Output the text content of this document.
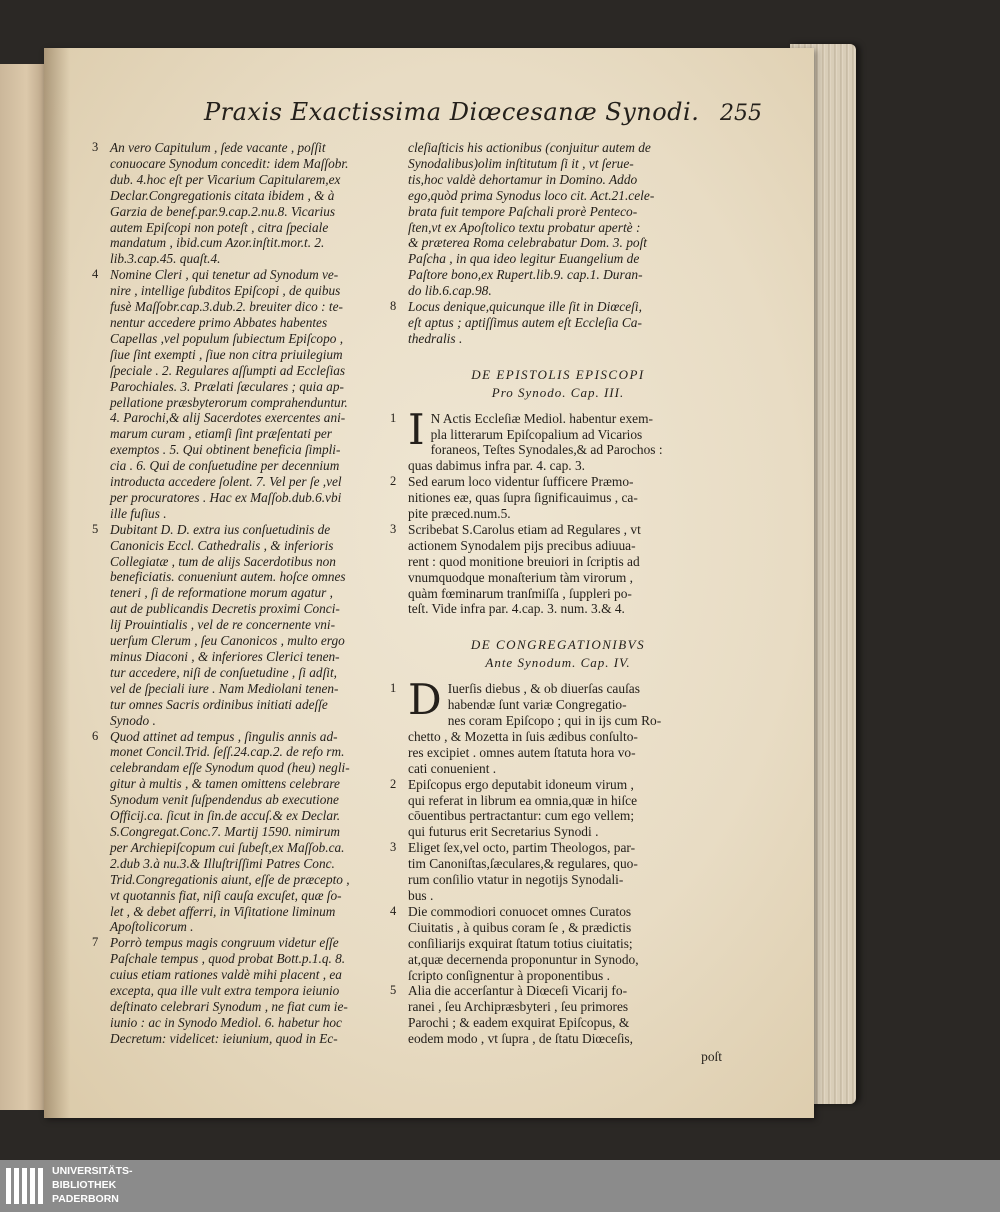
Praxis Exactissima Diœcesanæ Synodi. 255

3 An vero Capitulum , ſede vacante , poſſit
conuocare Synodum concedit: idem Maſſobr.
dub. 4.hoc eſt per Vicarium Capitularem,ex
Declar.Congregationis citata ibidem , & à
Garzia de benef.par.9.cap.2.nu.8. Vicarius
autem Epiſcopi non poteſt , citra ſpeciale
mandatum , ibid.cum Azor.inſtit.mor.t. 2.
lib.3.cap.45. quaſt.4.

4 Nomine Cleri , qui tenetur ad Synodum ve-
nire , intellige ſubditos Epiſcopi , de quibus
fusè Maſſobr.cap.3.dub.2. breuiter dico : te-
nentur accedere primo Abbates habentes
Capellas ,vel populum ſubiectum Epiſcopo ,
ſiue ſint exempti , ſiue non citra priuilegium
ſpeciale . 2. Regulares aſſumpti ad Eccleſias
Parochiales. 3. Prælati ſæculares ; quia ap-
pellatione præsbyterorum comprahenduntur.
4. Parochi,& alij Sacerdotes exercentes ani-
marum curam , etiamſi ſint præſentati per
exemptos . 5. Qui obtinent beneficia ſimpli-
cia . 6. Qui de conſuetudine per decennium
introducta accedere ſolent. 7. Vel per ſe ,vel
per procuratores . Hac ex Maſſob.dub.6.vbi
ille fuſius .

5 Dubitant D. D. extra ius conſuetudinis de
Canonicis Eccl. Cathedralis , & inferioris
Collegiatæ , tum de alijs Sacerdotibus non
beneficiatis. conueniunt autem. hoſce omnes
teneri , ſi de reformatione morum agatur ,
aut de publicandis Decretis proximi Conci-
lij Prouintialis , vel de re concernente vni-
uerſum Clerum , ſeu Canonicos , multo ergo
minus Diaconi , & inferiores Clerici tenen-
tur accedere, niſi de conſuetudine , ſi adſit,
vel de ſpeciali iure . Nam Mediolani tenen-
tur omnes Sacris ordinibus initiati adeſſe
Synodo .

6 Quod attinet ad tempus , ſingulis annis ad-
monet Concil.Trid. ſeſſ.24.cap.2. de refo rm.
celebrandam eſſe Synodum quod (heu) negli-
gitur à multis , & tamen omittens celebrare
Synodum venit ſuſpendendus ab executione
Officij.ca. ſicut in ſin.de accuſ.& ex Declar.
S.Congregat.Conc.7. Martij 1590. nimirum
per Archiepiſcopum cui ſubeſt,ex Maſſob.ca.
2.dub 3.à nu.3.& Illuſtriſſimi Patres Conc.
Trid.Congregationis aiunt, eſſe de præcepto ,
vt quotannis fiat, niſi cauſa excuſet, quæ ſo-
let , & debet afferri, in Viſitatione liminum
Apoſtolicorum .

7 Porrò tempus magis congruum videtur eſſe
Paſchale tempus , quod probat Bott.p.1.q. 8.
cuius etiam rationes valdè mihi placent , ea
excepta, qua ille vult extra tempora ieiunio
deſtinato celebrari Synodum , ne fiat cum ie-
iunio : ac in Synodo Mediol. 6. habetur hoc
Decretum: videlicet: ieiunium, quod in Ec-

cleſiaſticis his actionibus (conjuitur autem de
Synodalibus)olim inſtitutum ſi it , vt ſerue-
tis,hoc valdè dehortamur in Domino. Addo
ego,quòd prima Synodus loco cit. Act.21.cele-
brata fuit tempore Paſchali prorè Pentеco-
ſten,vt ex Apoſtolico textu probatur apertè :
& præterea Roma celebrabatur Dom. 3. poſt
Paſcha , in qua ideo legitur Euangelium de
Paſtore bono,ex Rupert.lib.9. cap.1. Duran-
do lib.6.cap.98.

8 Locus denique,quicunque ille ſit in Diœceſi,
eſt aptus ; aptiſſimus autem eſt Eccleſia Ca-
thedralis .

DE EPISTOLIS EPISCOPI
Pro Synodo. Cap. III.
1 I N Actis Eccleſiæ Mediol. habentur exem-
pla litterarum Epiſcopalium ad Vicarios
foraneos, Teſtes Synodales,& ad Parochos :
quas dabimus infra par. 4. cap. 3.

2 Sed earum loco videntur ſufficere Præmo-
nitiones eæ, quas ſupra ſignificauimus , ca-
pite præced.num.5.

3 Scribebat S.Carolus etiam ad Regulares , vt
actionem Synodalem pijs precibus adiuua-
rent : quod monitione breuiori in ſcriptis ad
vnumquodque monaſterium tàm virorum ,
quàm fœminarum tranſmiſſa , ſuppleri po-
teſt. Vide infra par. 4.cap. 3. num. 3.& 4.

DE CONGREGATIONIBVS
Ante Synodum. Cap. IV.
1 D Iuerſis diebus , & ob diuerſas cauſas
habendæ ſunt variæ Congregatio-
nes coram Epiſcopo ; qui in ijs cum Ro-
chetto , & Mozetta in ſuis ædibus conſulto-
res excipiet . omnes autem ſtatuta hora vo-
cati conuenient .

2 Epiſcopus ergo deputabit idoneum virum ,
qui referat in librum ea omnia,quæ in hiſce
cōuentibus pertractantur: cum ego vellem;
qui futurus erit Secretarius Synodi .

3 Eliget ſex,vel octo, partim Theologos, par-
tim Canoniſtas,ſæculares,& regulares, quo-
rum conſilio vtatur in negotijs Synodali-
bus .

4 Die commodiori conuocet omnes Curatos
Ciuitatis , à quibus coram ſe , & prædictis
conſiliarijs exquirat ſtatum totius ciuitatis;
at,quæ decernenda proponuntur in Synodo,
ſcripto conſignentur à proponentibus .

5 Alia die accerſantur à Diœceſi Vicarij fo-
ranei , ſeu Archipræsbyteri , ſeu primores
Parochi ; & eadem exquirat Epiſcopus, &
eodem modo , vt ſupra , de ſtatu Diœceſis,

poſt
UNIVERSITÄTS-
BIBLIOTHEK
PADERBORN
